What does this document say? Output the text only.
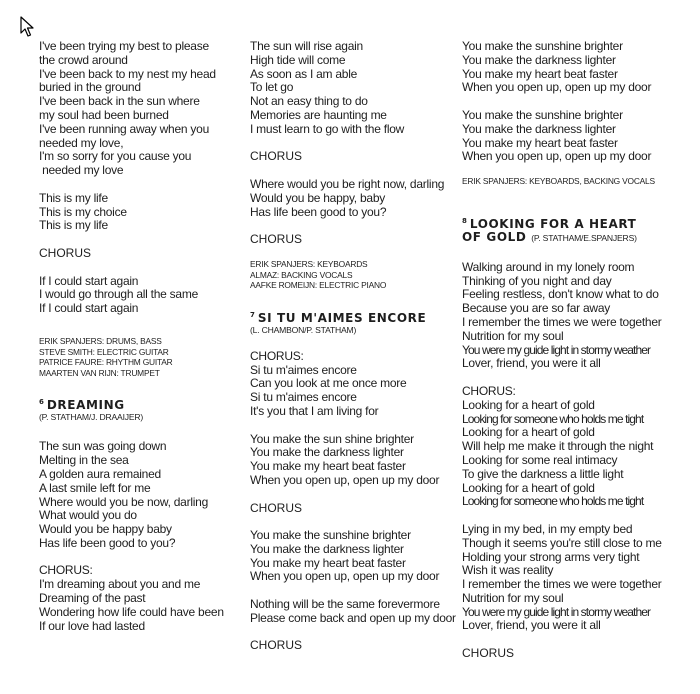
I've been trying my best to please
the crowd around
I've been back to my nest my head
buried in the ground
I've been back in the sun where
my soul had been burned
I've been running away when you
needed my love,
I'm so sorry for you cause you
needed my love
This is my life
This is my choice
This is my life
CHORUS
If I could start again
I would go through all the same
If I could start again
ERIK SPANJERS: DRUMS, BASS
STEVE SMITH: ELECTRIC GUITAR
PATRICE FAURE: RHYTHM GUITAR
MAARTEN VAN RIJN: TRUMPET
$^6$ DREAMING
(P. STATHAM/J. DRAAIJER)
The sun was going down
Melting in the sea
A golden aura remained
A last smile left for me
Where would you be now, darling
What would you do
Would you be happy baby
Has life been good to you?
CHORUS:
I'm dreaming about you and me
Dreaming of the past
Wondering how life could have been
If our love had lasted
The sun will rise again
High tide will come
As soon as I am able
To let go
Not an easy thing to do
Memories are haunting me
I must learn to go with the flow
CHORUS
Where would you be right now, darling
Would you be happy, baby
Has life been good to you?
CHORUS
ERIK SPANJERS: KEYBOARDS
ALMAZ: BACKING VOCALS
AAFKE ROMEIJN: ELECTRIC PIANO
$^7$ SI TU M'AIMES ENCORE
(L. CHAMBON/P. STATHAM)
CHORUS:
Si tu m'aimes encore
Can you look at me once more
Si tu m'aimes encore
It's you that I am living for
You make the sun shine brighter
You make the darkness lighter
You make my heart beat faster
When you open up, open up my door
CHORUS
You make the sunshine brighter
You make the darkness lighter
You make my heart beat faster
When you open up, open up my door
Nothing will be the same forevermore
Please come back and open up my door
CHORUS
You make the sunshine brighter
You make the darkness lighter
You make my heart beat faster
When you open up, open up my door
You make the sunshine brighter
You make the darkness lighter
You make my heart beat faster
When you open up, open up my door
ERIK SPANJERS: KEYBOARDS, BACKING VOCALS
$^8$ LOOKING FOR A HEART
OF GOLD (P. STATHAM/E.SPANJERS)
Walking around in my lonely room
Thinking of you night and day
Feeling restless, don't know what to do
Because you are so far away
I remember the times we were together
Nutrition for my soul
You were my guide light in stormy weather
Lover, friend, you were it all
CHORUS:
Looking for a heart of gold
Looking for someone who holds me tight
Looking for a heart of gold
Will help me make it through the night
Looking for some real intimacy
To give the darkness a little light
Looking for a heart of gold
Looking for someone who holds me tight
Lying in my bed, in my empty bed
Though it seems you're still close to me
Holding your strong arms very tight
Wish it was reality
I remember the times we were together
Nutrition for my soul
You were my guide light in stormy weather
Lover, friend, you were it all
CHORUS
